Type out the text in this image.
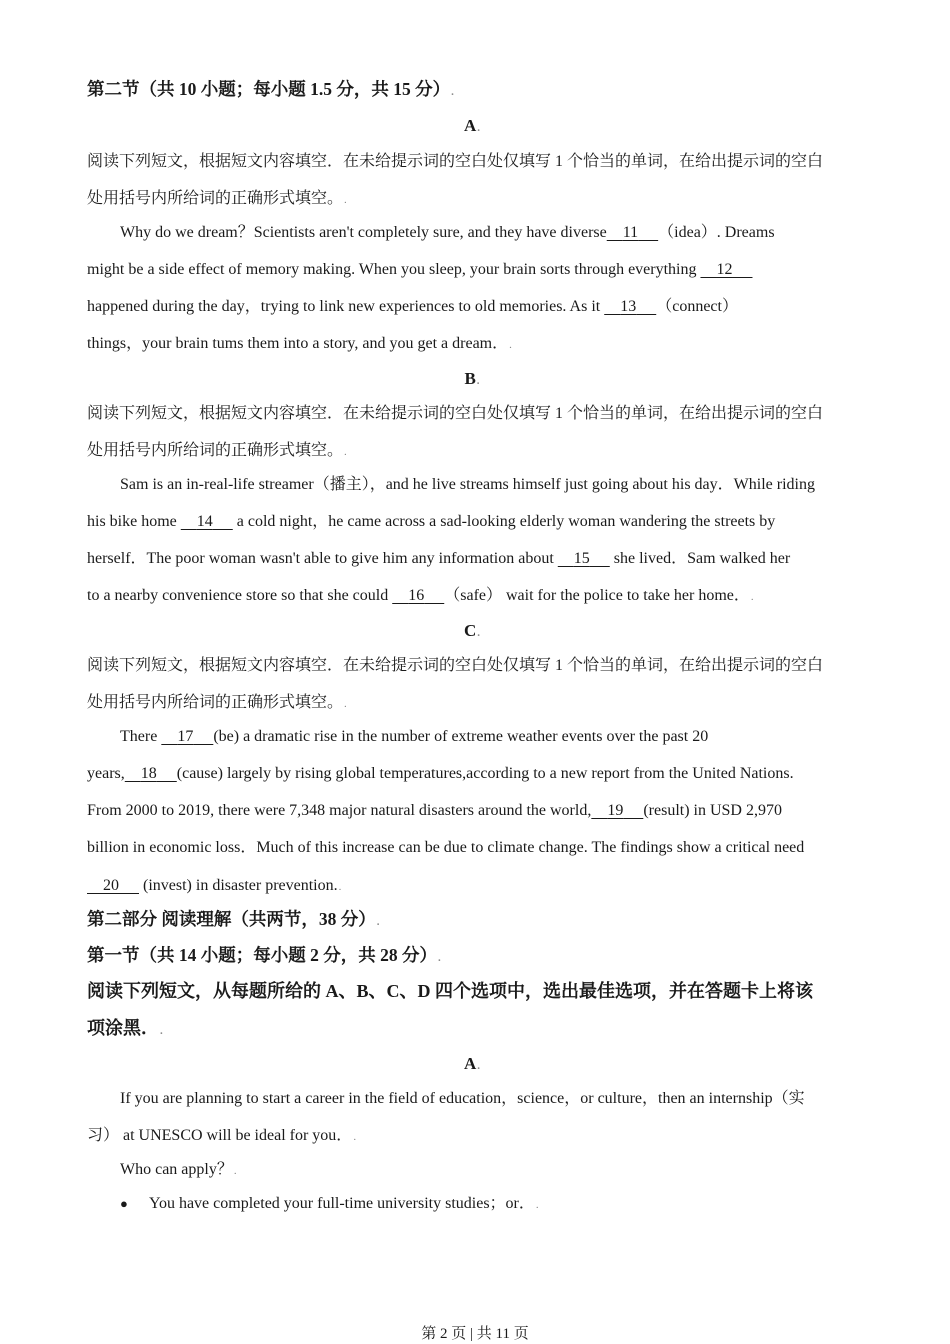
第二节（共 10 小题；每小题 1.5 分，共 15 分）.
A.
阅读下列短文，根据短文内容填空．在未给提示词的空白处仅填写 1 个恰当的单词，在给出提示词的空白
处用括号内所给词的正确形式填空。.
Why do we dream？Scientists aren't completely sure, and they have diverse 11 （idea）. Dreams
might be a side effect of memory making. When you sleep, your brain sorts through everything 12
happened during the day，trying to link new experiences to old memories. As it 13 （connect）
things，your brain tums them into a story, and you get a dream．.
B.
阅读下列短文，根据短文内容填空．在未给提示词的空白处仅填写 1 个恰当的单词，在给出提示词的空白
处用括号内所给词的正确形式填空。.
Sam is an in-real-life streamer（播主），and he live streams himself just going about his day．While riding
his bike home 14 a cold night，he came across a sad-looking elderly woman wandering the streets by
herself．The poor woman wasn't able to give him any information about 15 she lived．Sam walked her
to a nearby convenience store so that she could 16 （safe） wait for the police to take her home．.
C.
阅读下列短文，根据短文内容填空．在未给提示词的空白处仅填写 1 个恰当的单词，在给出提示词的空白
处用括号内所给词的正确形式填空。.
There 17 (be) a dramatic rise in the number of extreme weather events over the past 20
years, 18 (cause) largely by rising global temperatures,according to a new report from the United Nations.
From 2000 to 2019, there were 7,348 major natural disasters around the world, 19 (result) in USD 2,970
billion in economic loss．Much of this increase can be due to climate change. The findings show a critical need
20 (invest) in disaster prevention..
第二部分 阅读理解（共两节，38 分）.
第一节（共 14 小题；每小题 2 分，共 28 分）.
阅读下列短文，从每题所给的 A、B、C、D 四个选项中，选出最佳选项，并在答题卡上将该
项涂黑．.
A.
If you are planning to start a career in the field of education，science，or culture，then an internship（实
习） at UNESCO will be ideal for you．.
Who can apply？.
● You have completed your full-time university studies；or．.
第 2 页 | 共 11 页
